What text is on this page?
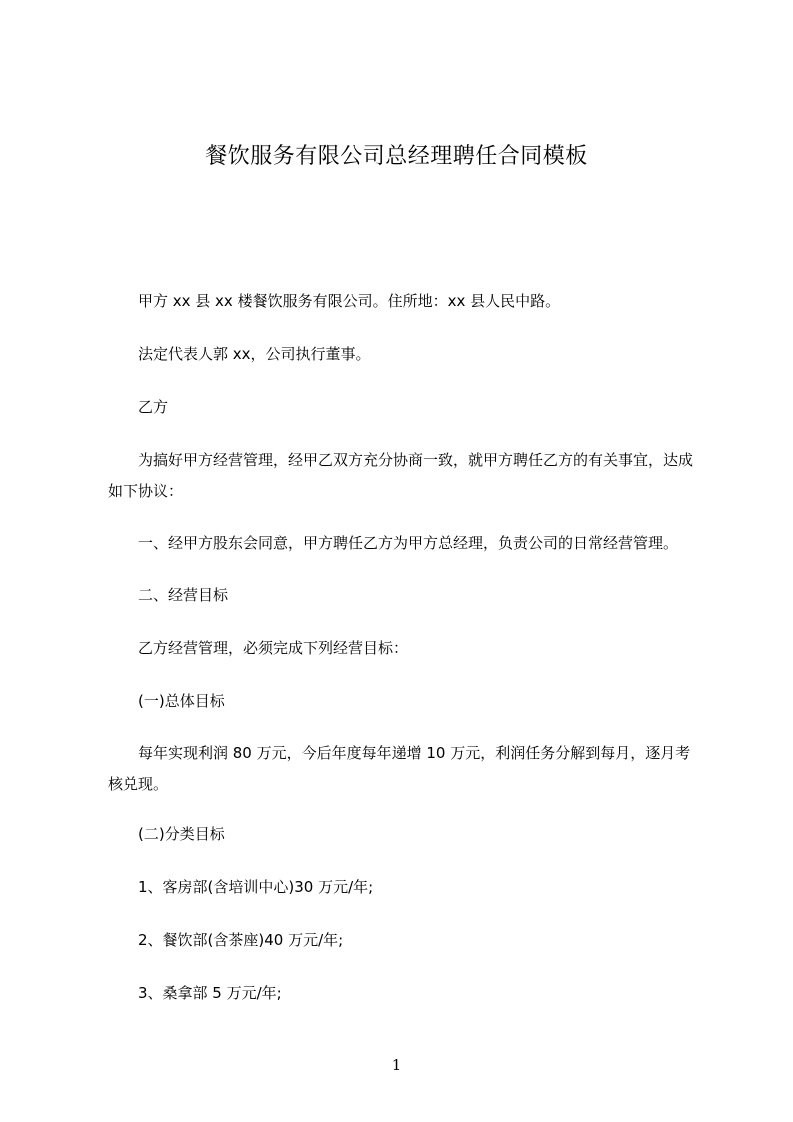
餐饮服务有限公司总经理聘任合同模板

甲方 xx 县 xx 楼餐饮服务有限公司。住所地：xx 县人民中路。

法定代表人郭 xx，公司执行董事。

乙方

为搞好甲方经营管理，经甲乙双方充分协商一致，就甲方聘任乙方的有关事宜，达成如下协议：

一、经甲方股东会同意，甲方聘任乙方为甲方总经理，负责公司的日常经营管理。

二、经营目标

乙方经营管理，必须完成下列经营目标：

(一)总体目标

每年实现利润 80 万元，今后年度每年递增 10 万元，利润任务分解到每月，逐月考核兑现。

(二)分类目标

1、客房部(含培训中心)30 万元/年;

2、餐饮部(含茶座)40 万元/年;

3、桑拿部 5 万元/年;

1
